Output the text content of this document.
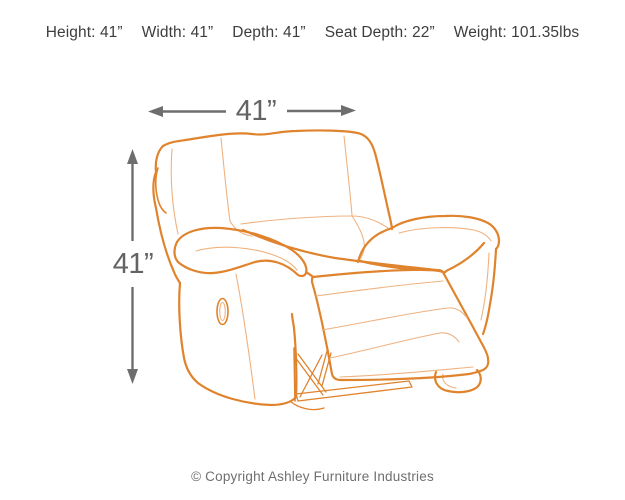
Height: 41” Width: 41” Depth: 41” Seat Depth: 22” Weight: 101.35lbs
41”
41”
© Copyright Ashley Furniture Industries
